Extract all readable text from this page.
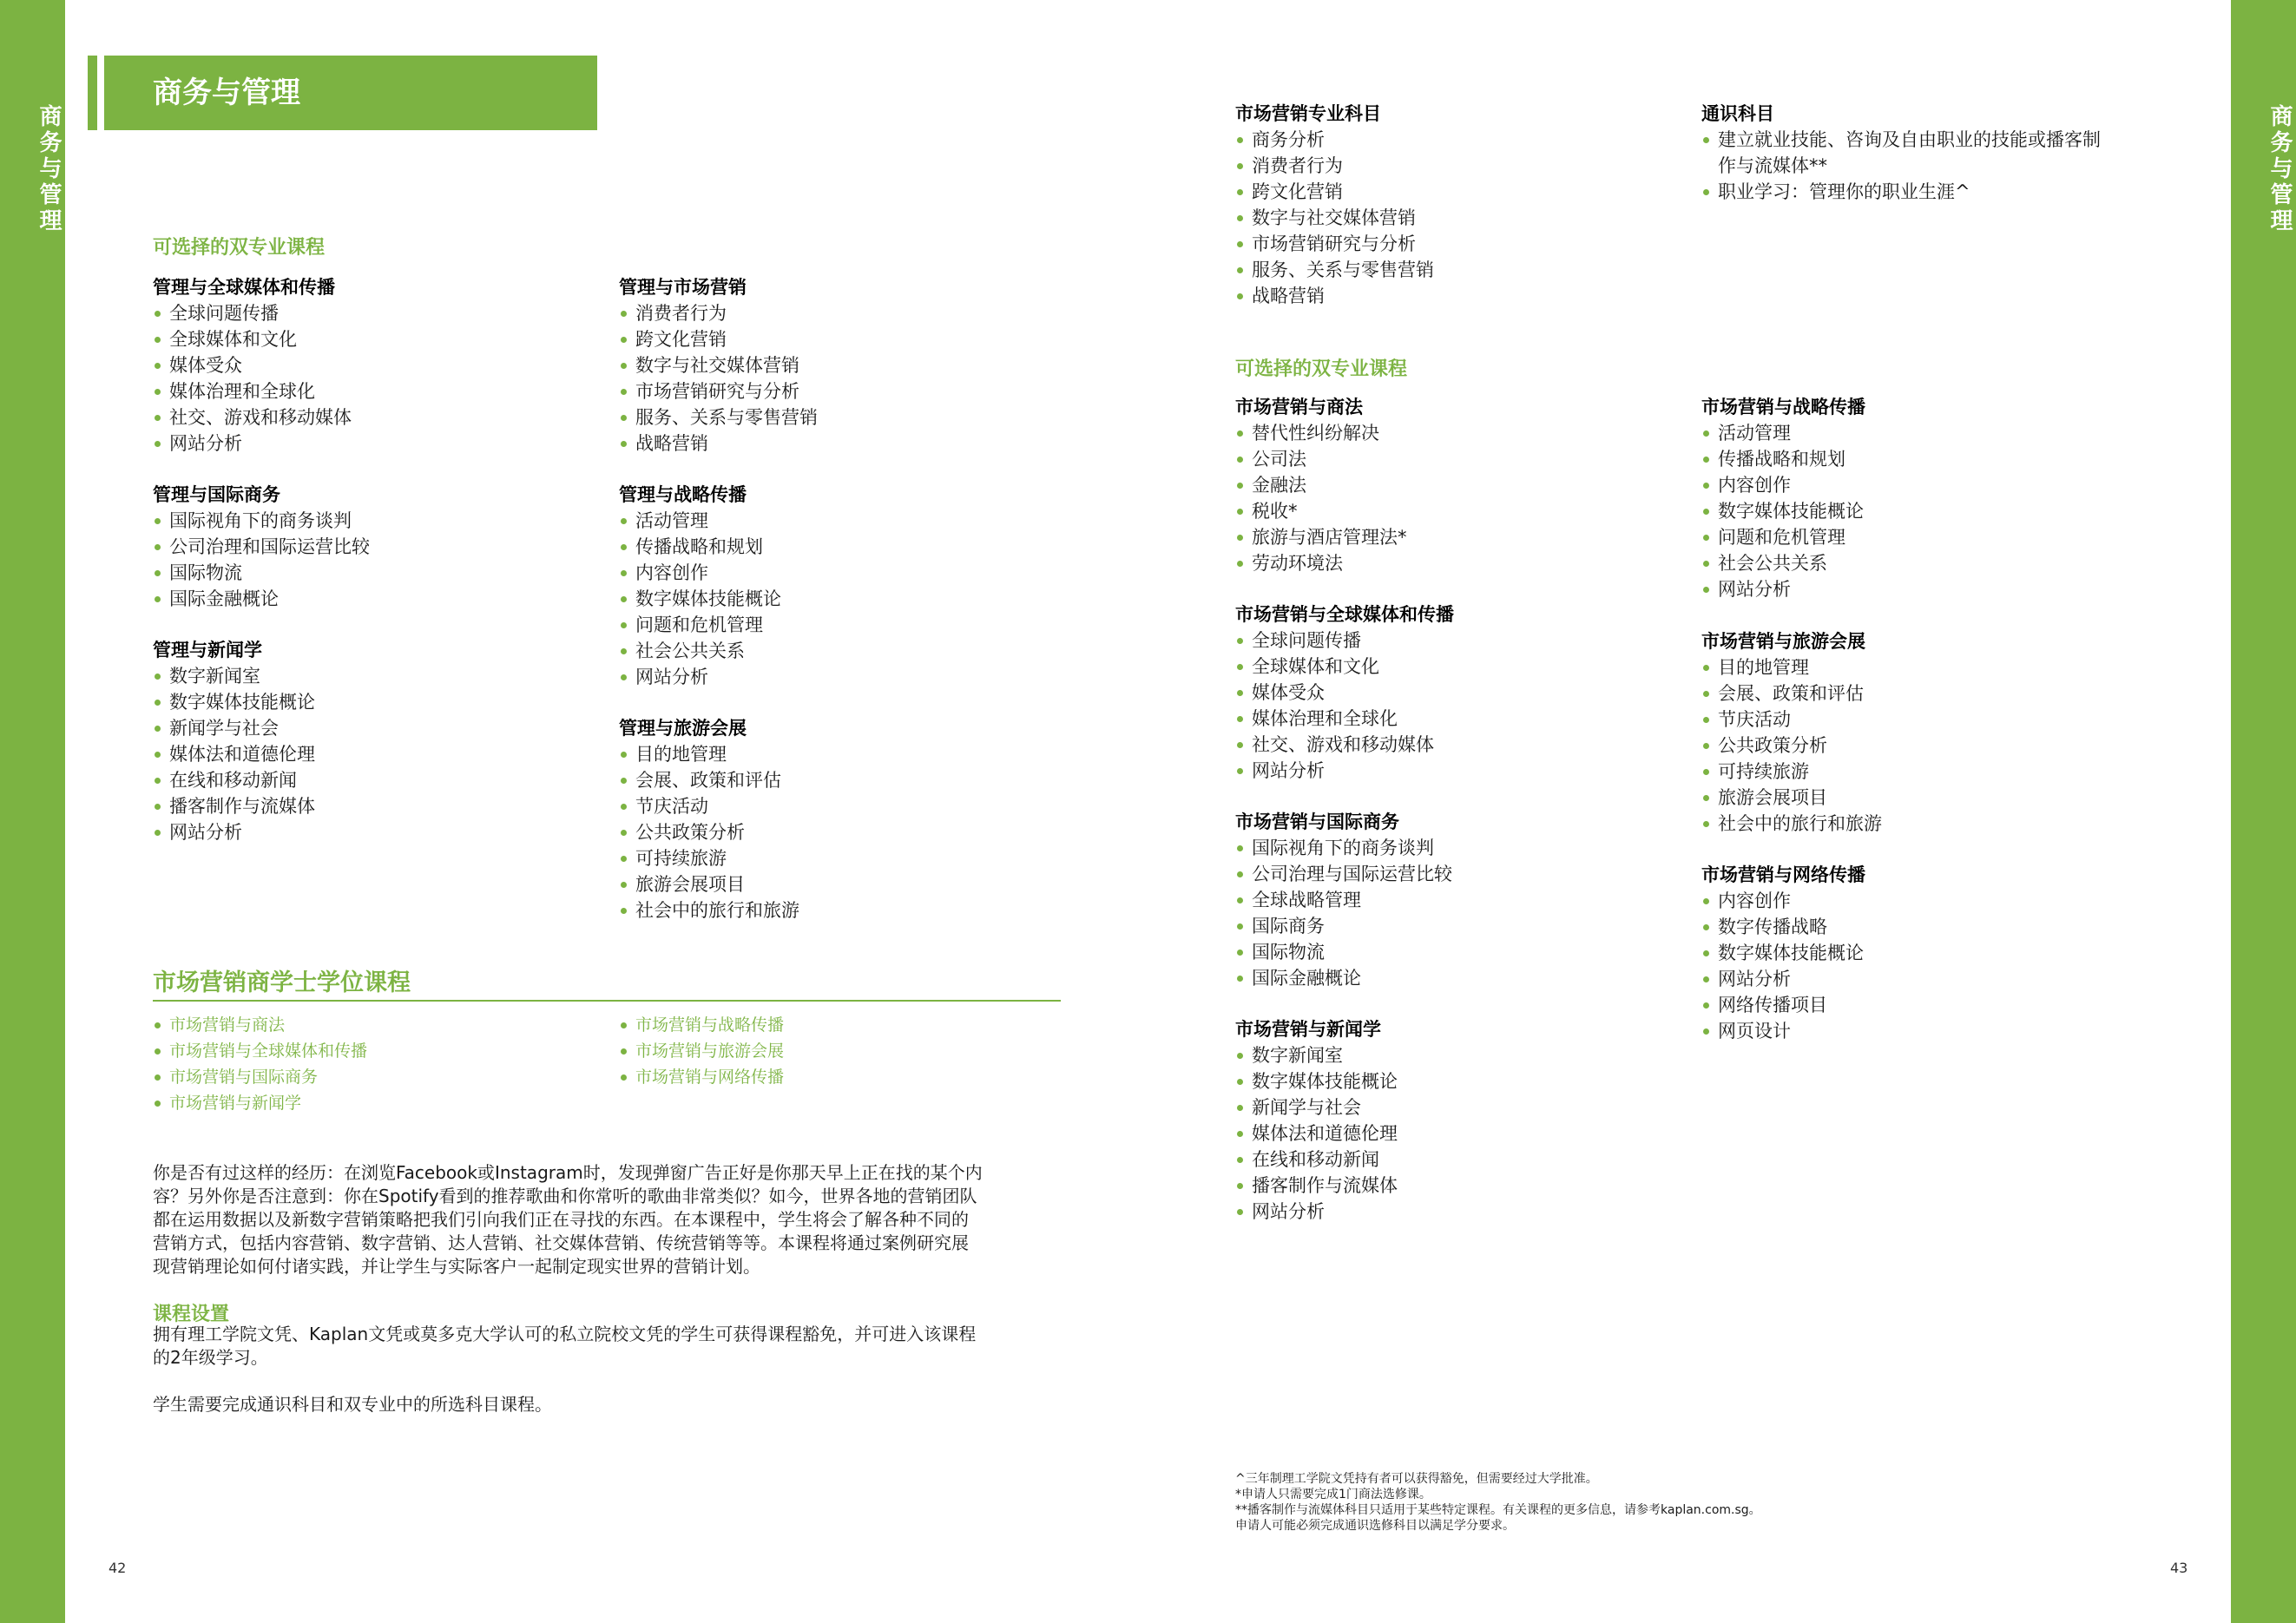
商务与管理	商务与管理
商务与管理
可选择的双专业课程
管理与全球媒体和传播
全球问题传播
全球媒体和文化
媒体受众
媒体治理和全球化
社交、游戏和移动媒体
网站分析
管理与国际商务
国际视角下的商务谈判
公司治理和国际运营比较
国际物流
国际金融概论
管理与新闻学
数字新闻室
数字媒体技能概论
新闻学与社会
媒体法和道德伦理
在线和移动新闻
播客制作与流媒体
网站分析
管理与市场营销
消费者行为
跨文化营销
数字与社交媒体营销
市场营销研究与分析
服务、关系与零售营销
战略营销
管理与战略传播
活动管理
传播战略和规划
内容创作
数字媒体技能概论
问题和危机管理
社会公共关系
网站分析
管理与旅游会展
目的地管理
会展、政策和评估
节庆活动
公共政策分析
可持续旅游
旅游会展项目
社会中的旅行和旅游
市场营销商学士学位课程
市场营销与商法
市场营销与全球媒体和传播
市场营销与国际商务
市场营销与新闻学
市场营销与战略传播
市场营销与旅游会展
市场营销与网络传播
你是否有过这样的经历：在浏览Facebook或Instagram时，发现弹窗广告正好是你那天早上正在找的某个内
容？另外你是否注意到：你在Spotify看到的推荐歌曲和你常听的歌曲非常类似？如今，世界各地的营销团队
都在运用数据以及新数字营销策略把我们引向我们正在寻找的东西。在本课程中，学生将会了解各种不同的
营销方式，包括内容营销、数字营销、达人营销、社交媒体营销、传统营销等等。本课程将通过案例研究展
现营销理论如何付诸实践，并让学生与实际客户一起制定现实世界的营销计划。
课程设置
拥有理工学院文凭、Kaplan文凭或莫多克大学认可的私立院校文凭的学生可获得课程豁免，并可进入该课程
的2年级学习。
学生需要完成通识科目和双专业中的所选科目课程。
42
市场营销专业科目
商务分析
消费者行为
跨文化营销
数字与社交媒体营销
市场营销研究与分析
服务、关系与零售营销
战略营销
通识科目
建立就业技能、咨询及自由职业的技能或播客制
作与流媒体**
职业学习：管理你的职业生涯^
可选择的双专业课程
市场营销与商法
替代性纠纷解决
公司法
金融法
税收*
旅游与酒店管理法*
劳动环境法
市场营销与全球媒体和传播
全球问题传播
全球媒体和文化
媒体受众
媒体治理和全球化
社交、游戏和移动媒体
网站分析
市场营销与国际商务
国际视角下的商务谈判
公司治理与国际运营比较
全球战略管理
国际商务
国际物流
国际金融概论
市场营销与新闻学
数字新闻室
数字媒体技能概论
新闻学与社会
媒体法和道德伦理
在线和移动新闻
播客制作与流媒体
网站分析
市场营销与战略传播
活动管理
传播战略和规划
内容创作
数字媒体技能概论
问题和危机管理
社会公共关系
网站分析
市场营销与旅游会展
目的地管理
会展、政策和评估
节庆活动
公共政策分析
可持续旅游
旅游会展项目
社会中的旅行和旅游
市场营销与网络传播
内容创作
数字传播战略
数字媒体技能概论
网站分析
网络传播项目
网页设计
^三年制理工学院文凭持有者可以获得豁免，但需要经过大学批准。
*申请人只需要完成1门商法选修课。
**播客制作与流媒体科目只适用于某些特定课程。有关课程的更多信息，请参考kaplan.com.sg。
申请人可能必须完成通识选修科目以满足学分要求。
43
